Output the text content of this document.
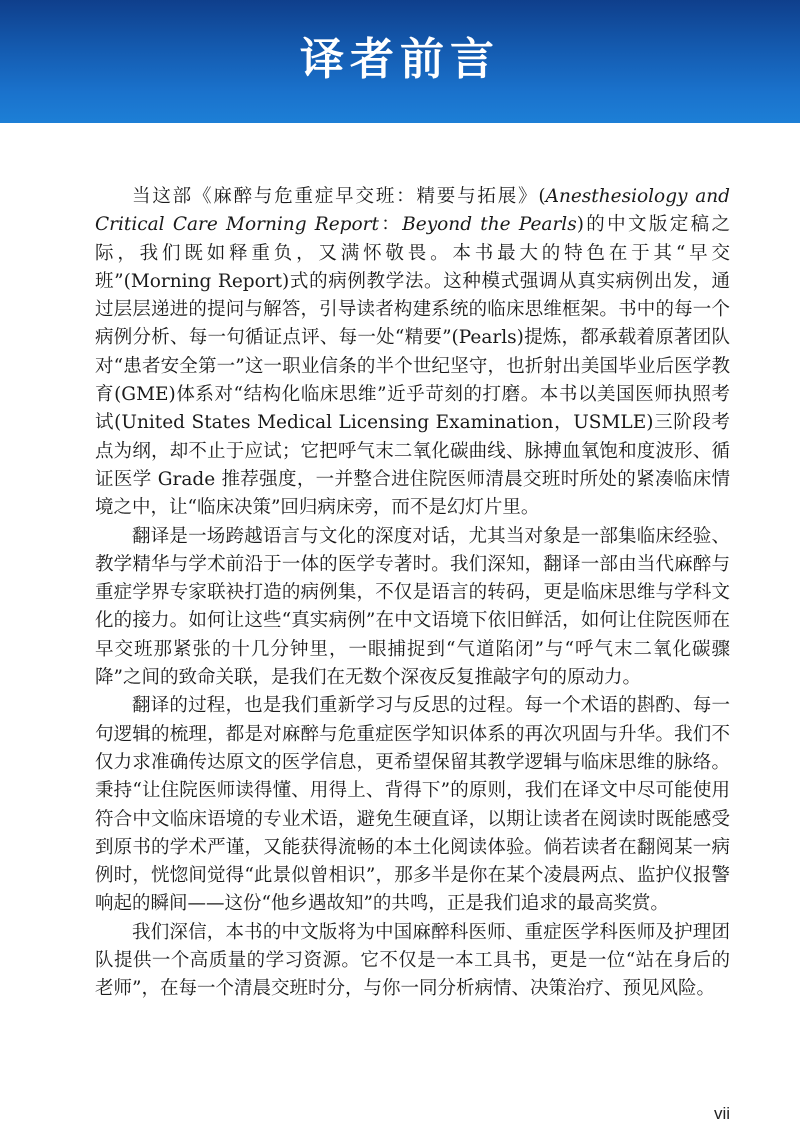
译者前言

当这部《麻醉与危重症早交班：精要与拓展》(Anesthesiology and Critical Care Morning Report：Beyond the Pearls)的中文版定稿之际，我们既如释重负，又满怀敬畏。本书最大的特色在于其“早交班”(Morning Report)式的病例教学法。这种模式强调从真实病例出发，通过层层递进的提问与解答，引导读者构建系统的临床思维框架。书中的每一个病例分析、每一句循证点评、每一处“精要”(Pearls)提炼，都承载着原著团队对“患者安全第一”这一职业信条的半个世纪坚守，也折射出美国毕业后医学教育(GME)体系对“结构化临床思维”近乎苛刻的打磨。本书以美国医师执照考试(United States Medical Licensing Examination，USMLE)三阶段考点为纲，却不止于应试；它把呼气末二氧化碳曲线、脉搏血氧饱和度波形、循证医学 Grade 推荐强度，一并整合进住院医师清晨交班时所处的紧凑临床情境之中，让“临床决策”回归病床旁，而不是幻灯片里。

翻译是一场跨越语言与文化的深度对话，尤其当对象是一部集临床经验、教学精华与学术前沿于一体的医学专著时。我们深知，翻译一部由当代麻醉与重症学界专家联袂打造的病例集，不仅是语言的转码，更是临床思维与学科文化的接力。如何让这些“真实病例”在中文语境下依旧鲜活，如何让住院医师在早交班那紧张的十几分钟里，一眼捕捉到“气道陷闭”与“呼气末二氧化碳骤降”之间的致命关联，是我们在无数个深夜反复推敲字句的原动力。

翻译的过程，也是我们重新学习与反思的过程。每一个术语的斟酌、每一句逻辑的梳理，都是对麻醉与危重症医学知识体系的再次巩固与升华。我们不仅力求准确传达原文的医学信息，更希望保留其教学逻辑与临床思维的脉络。秉持“让住院医师读得懂、用得上、背得下”的原则，我们在译文中尽可能使用符合中文临床语境的专业术语，避免生硬直译，以期让读者在阅读时既能感受到原书的学术严谨，又能获得流畅的本土化阅读体验。倘若读者在翻阅某一病例时，恍惚间觉得“此景似曾相识”，那多半是你在某个凌晨两点、监护仪报警响起的瞬间——这份“他乡遇故知”的共鸣，正是我们追求的最高奖赏。

我们深信，本书的中文版将为中国麻醉科医师、重症医学科医师及护理团队提供一个高质量的学习资源。它不仅是一本工具书，更是一位“站在身后的老师”，在每一个清晨交班时分，与你一同分析病情、决策治疗、预见风险。

vii
